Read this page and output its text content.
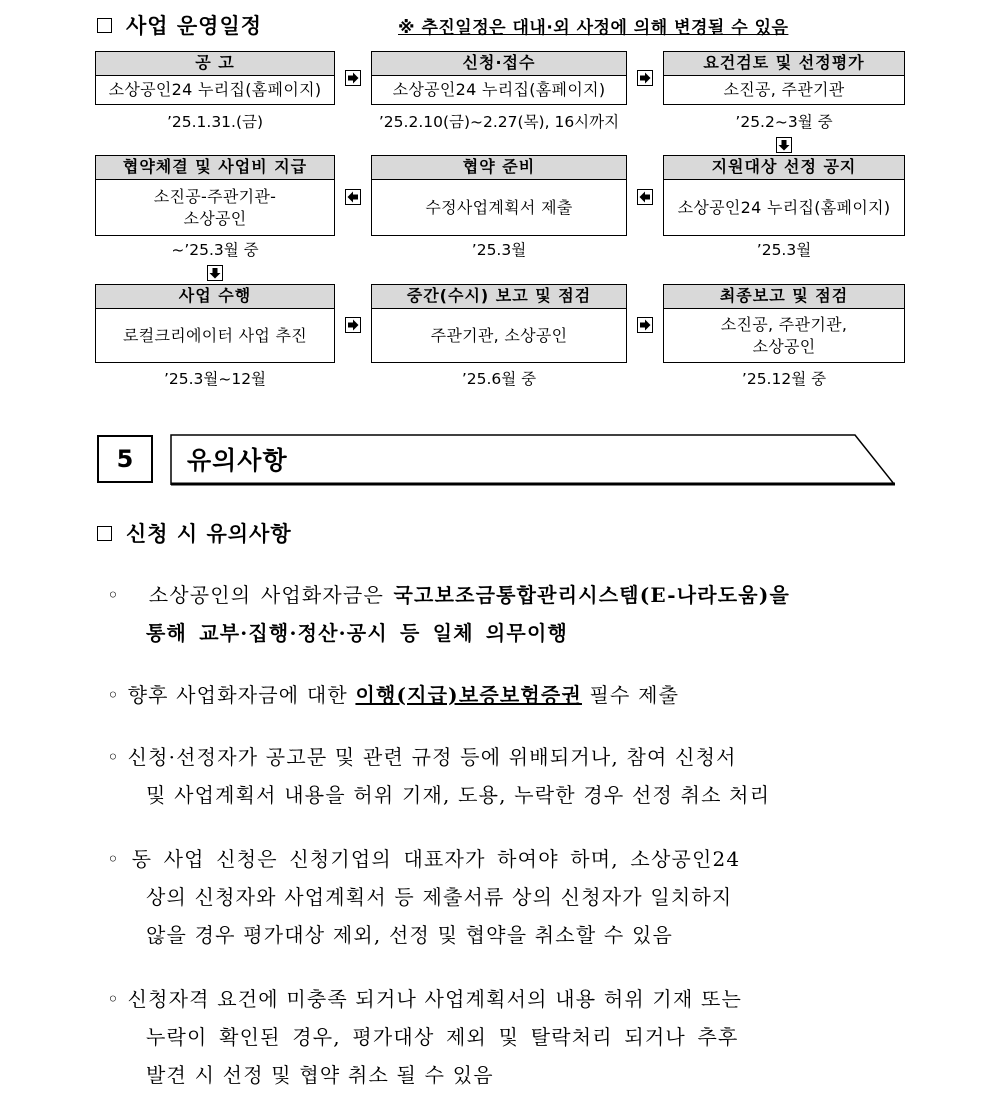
사업 운영일정	※ 추진일정은 대내·외 사정에 의해 변경될 수 있음
공 고
소상공인24 누리집(홈페이지)
’25.1.31.(금)
신청·접수
소상공인24 누리집(홈페이지)
’25.2.10(금)~2.27(목), 16시까지
요건검토 및 선정평가
소진공, 주관기관
’25.2~3월 중
협약체결 및 사업비 지급
소진공-주관기관-
소상공인
~’25.3월 중
협약 준비
수정사업계획서 제출
’25.3월
지원대상 선정 공지
소상공인24 누리집(홈페이지)
’25.3월
사업 수행
로컬크리에이터 사업 추진
’25.3월~12월
중간(수시) 보고 및 점검
주관기관, 소상공인
’25.6월 중
최종보고 및 점검
소진공, 주관기관,
소상공인
’25.12월 중
5	유의사항
신청 시 유의사항
◦ 소상공인의 사업화자금은 국고보조금통합관리시스템(E-나라도움)을
통해 교부·집행·정산·공시 등 일체 의무이행
◦ 향후 사업화자금에 대한 이행(지급)보증보험증권 필수 제출
◦ 신청·선정자가 공고문 및 관련 규정 등에 위배되거나, 참여 신청서
및 사업계획서 내용을 허위 기재, 도용, 누락한 경우 선정 취소 처리
◦ 동 사업 신청은 신청기업의 대표자가 하여야 하며, 소상공인24
상의 신청자와 사업계획서 등 제출서류 상의 신청자가 일치하지
않을 경우 평가대상 제외, 선정 및 협약을 취소할 수 있음
◦ 신청자격 요건에 미충족 되거나 사업계획서의 내용 허위 기재 또는
누락이 확인된 경우, 평가대상 제외 및 탈락처리 되거나 추후
발견 시 선정 및 협약 취소 될 수 있음
